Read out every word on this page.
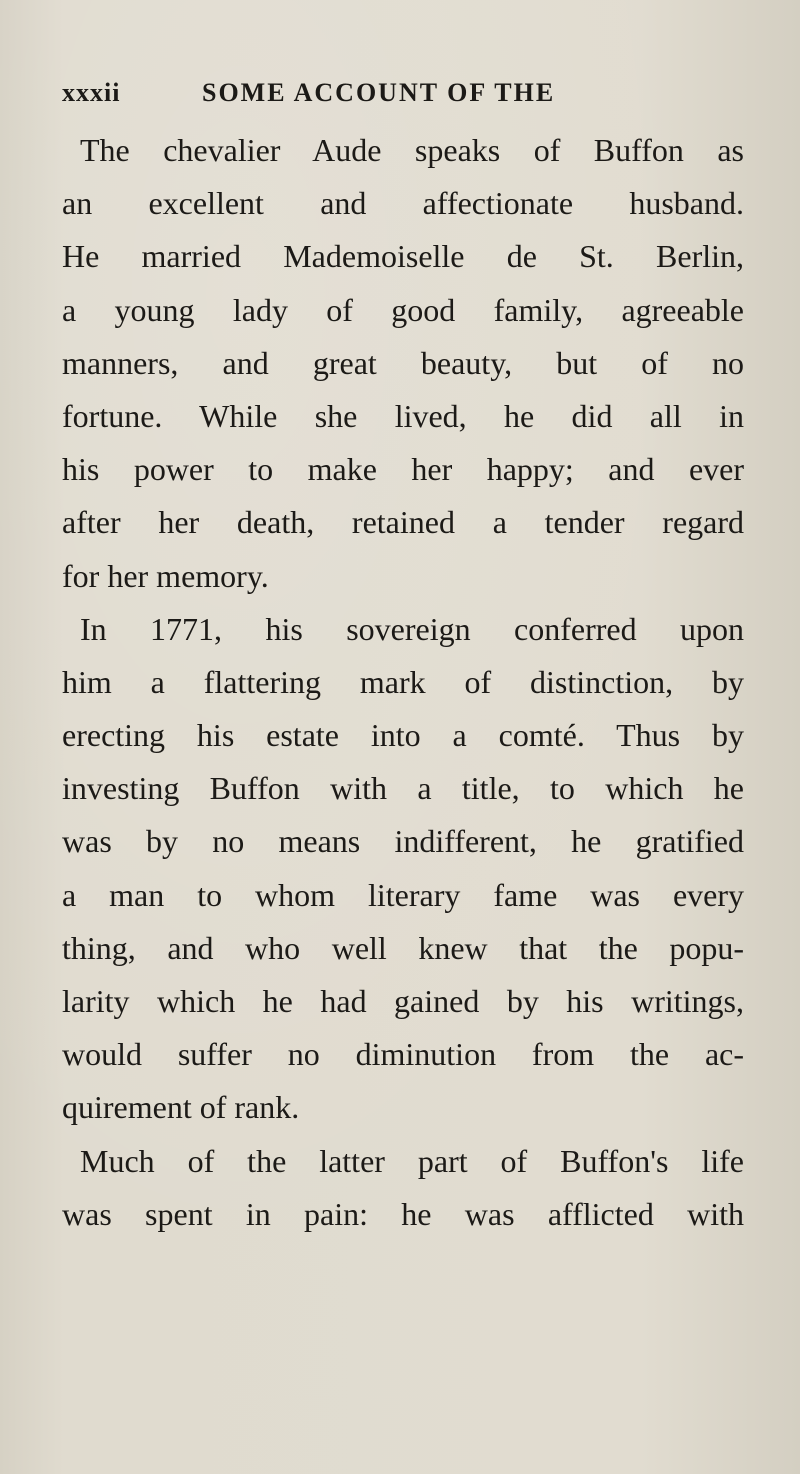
xxxii	SOME ACCOUNT OF THE
The chevalier Aude speaks of Buffon as
an excellent and affectionate husband.
He married Mademoiselle de St. Berlin,
a young lady of good family, agreeable
manners, and great beauty, but of no
fortune. While she lived, he did all in
his power to make her happy; and ever
after her death, retained a tender regard
for her memory.
In 1771, his sovereign conferred upon
him a flattering mark of distinction, by
erecting his estate into a comté. Thus by
investing Buffon with a title, to which he
was by no means indifferent, he gratified
a man to whom literary fame was every
thing, and who well knew that the popu-
larity which he had gained by his writings,
would suffer no diminution from the ac-
quirement of rank.
Much of the latter part of Buffon's life
was spent in pain: he was afflicted with
